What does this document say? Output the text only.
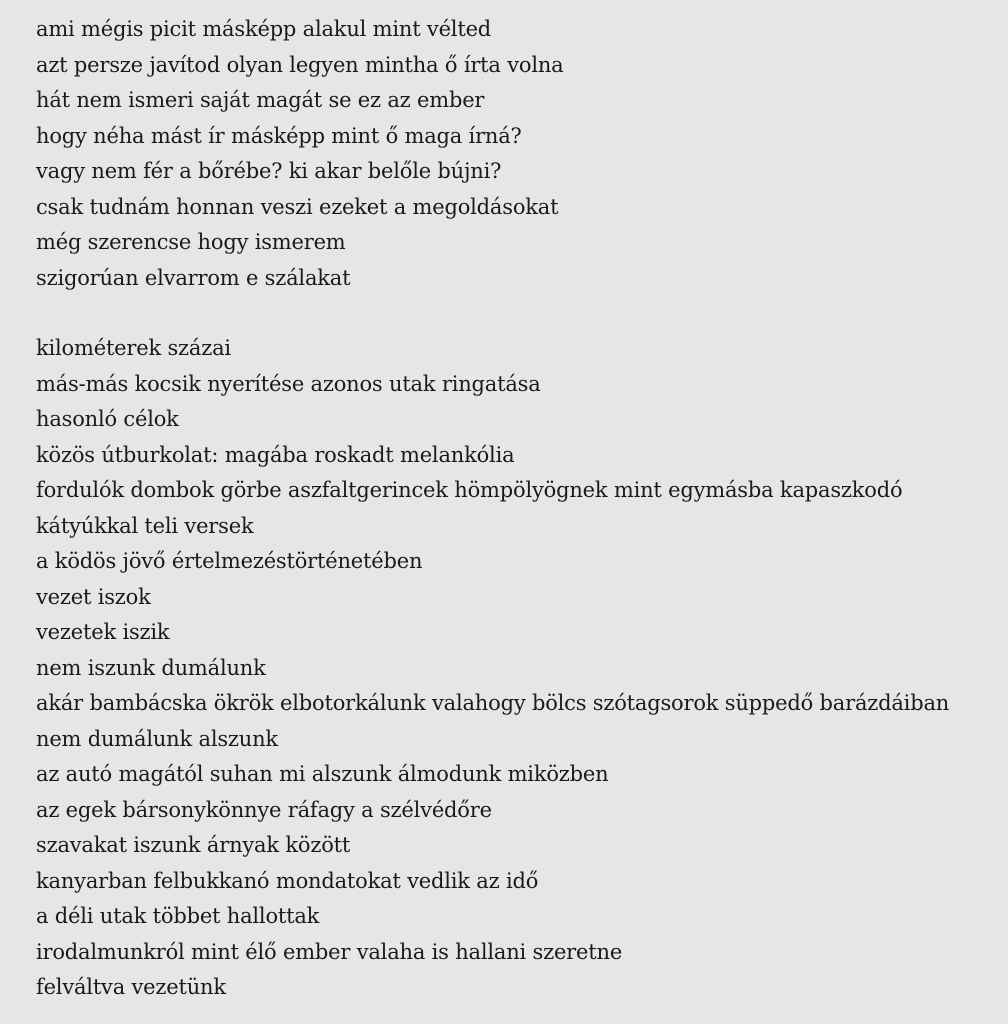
ami mégis picit másképp alakul mint vélted
azt persze javítod olyan legyen mintha ő írta volna
hát nem ismeri saját magát se ez az ember
hogy néha mást ír másképp mint ő maga írná?
vagy nem fér a bőrébe? ki akar belőle bújni?
csak tudnám honnan veszi ezeket a megoldásokat
még szerencse hogy ismerem
szigorúan elvarrom e szálakat
kilométerek százai
más-más kocsik nyerítése azonos utak ringatása
hasonló célok
közös útburkolat: magába roskadt melankólia
fordulók dombok görbe aszfaltgerincek hömpölyögnek mint egymásba kapaszkodó
kátyúkkal teli versek
a ködös jövő értelmezéstörténetében
vezet iszok
vezetek iszik
nem iszunk dumálunk
akár bambácska ökrök elbotorkálunk valahogy bölcs szótagsorok süppedő barázdáiban
nem dumálunk alszunk
az autó magától suhan mi alszunk álmodunk miközben
az egek bársonykönnye ráfagy a szélvédőre
szavakat iszunk árnyak között
kanyarban felbukkanó mondatokat vedlik az idő
a déli utak többet hallottak
irodalmunkról mint élő ember valaha is hallani szeretne
felváltva vezetünk
